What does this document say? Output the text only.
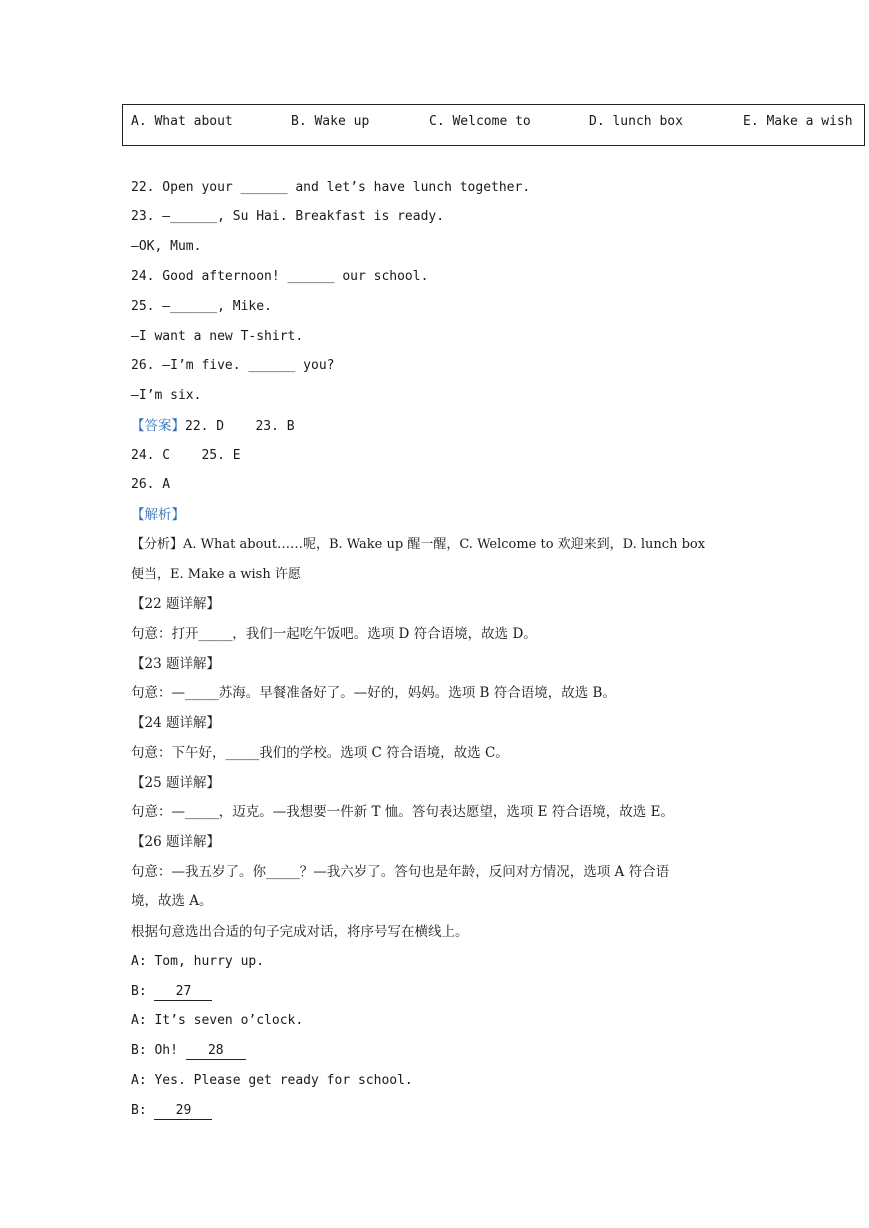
A. What about	B. Wake up	C. Welcome to	D. lunch box	E. Make a wish
22. Open your ______ and let’s have lunch together.
23. —______, Su Hai. Breakfast is ready.
—OK, Mum.
24. Good afternoon! ______ our school.
25. —______, Mike.
—I want a new T-shirt.
26. —I’m five. ______ you?
—I’m six.
【答案】22. D    23. B
24. C    25. E
26. A
【解析】
【分析】A. What about……呢，B. Wake up 醒一醒，C. Welcome to 欢迎来到，D. lunch box
便当，E. Make a wish 许愿
【22 题详解】
句意：打开_____，我们一起吃午饭吧。选项 D 符合语境，故选 D。
【23 题详解】
句意：—_____苏海。早餐准备好了。—好的，妈妈。选项 B 符合语境，故选 B。
【24 题详解】
句意：下午好，_____我们的学校。选项 C 符合语境，故选 C。
【25 题详解】
句意：—_____，迈克。—我想要一件新 T 恤。答句表达愿望，选项 E 符合语境，故选 E。
【26 题详解】
句意：—我五岁了。你_____？—我六岁了。答句也是年龄，反问对方情况，选项 A 符合语
境，故选 A。
根据句意选出合适的句子完成对话，将序号写在横线上。
A: Tom, hurry up.
B: 27
A: It’s seven o’clock.
B: Oh! 28
A: Yes. Please get ready for school.
B: 29
